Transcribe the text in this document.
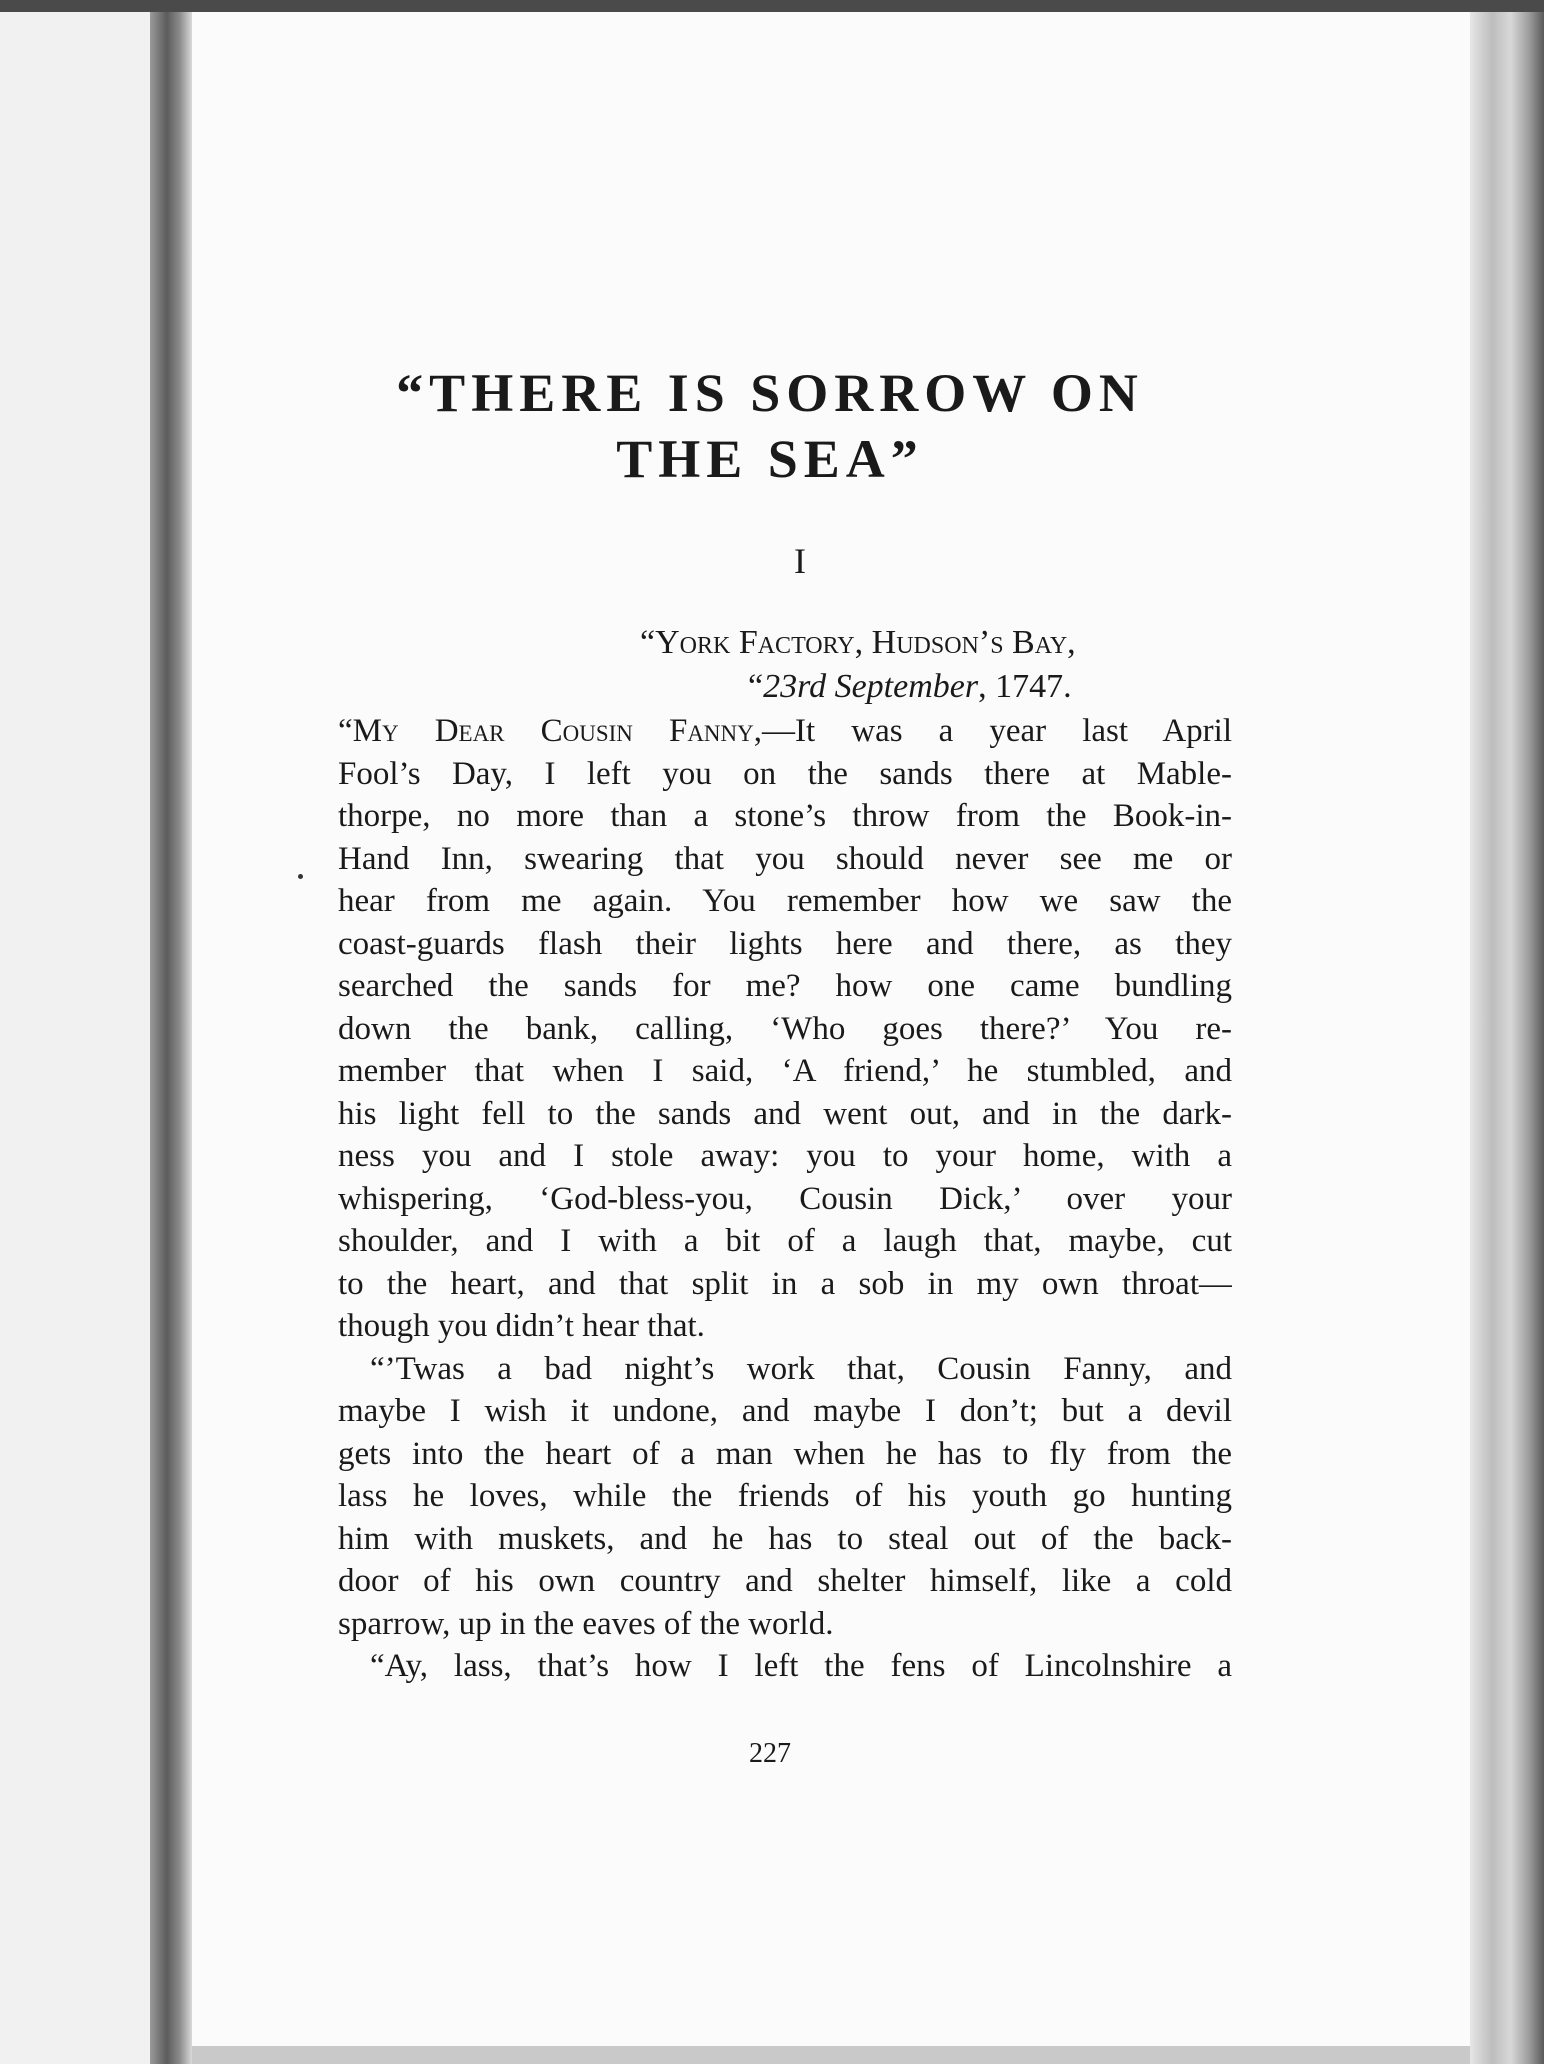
“THERE IS SORROW ON
THE SEA”
I
“York Factory, Hudson’s Bay,
“23rd September, 1747.
“My Dear Cousin Fanny,—It was a year last April
Fool’s Day, I left you on the sands there at Mable-
thorpe, no more than a stone’s throw from the Book-in-
Hand Inn, swearing that you should never see me or
hear from me again. You remember how we saw the
coast-guards flash their lights here and there, as they
searched the sands for me? how one came bundling
down the bank, calling, ‘Who goes there?’ You re-
member that when I said, ‘A friend,’ he stumbled, and
his light fell to the sands and went out, and in the dark-
ness you and I stole away: you to your home, with a
whispering, ‘God-bless-you, Cousin Dick,’ over your
shoulder, and I with a bit of a laugh that, maybe, cut
to the heart, and that split in a sob in my own throat—
though you didn’t hear that.
“’Twas a bad night’s work that, Cousin Fanny, and
maybe I wish it undone, and maybe I don’t; but a devil
gets into the heart of a man when he has to fly from the
lass he loves, while the friends of his youth go hunting
him with muskets, and he has to steal out of the back-
door of his own country and shelter himself, like a cold
sparrow, up in the eaves of the world.
“Ay, lass, that’s how I left the fens of Lincolnshire a
227
